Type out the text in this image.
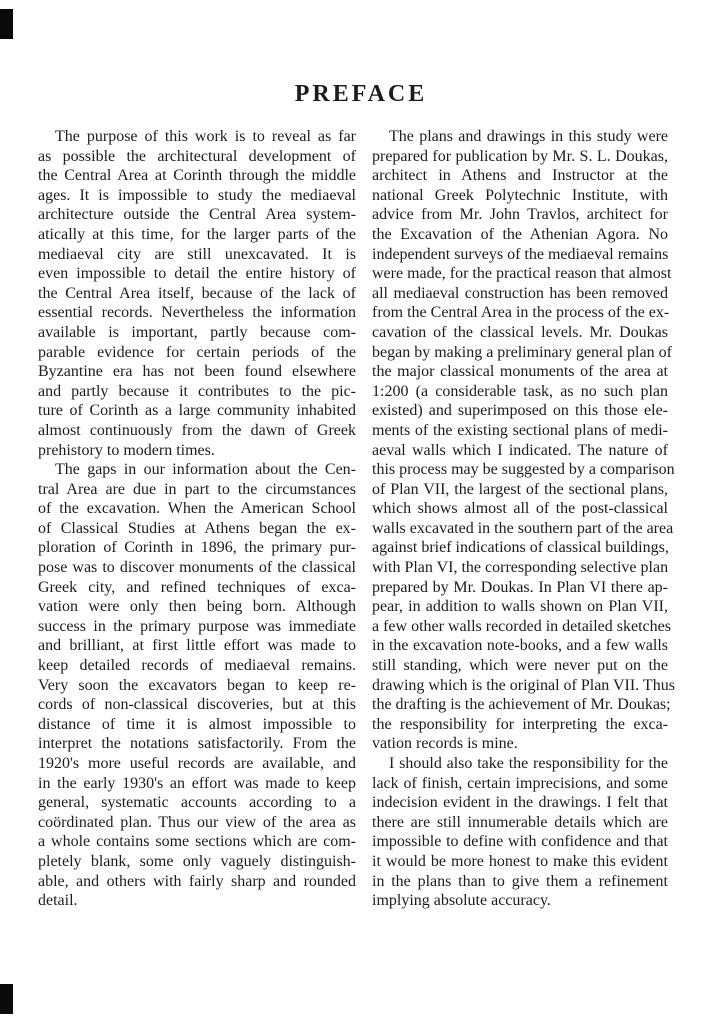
PREFACE
The purpose of this work is to reveal as far
as possible the architectural development of
the Central Area at Corinth through the middle
ages. It is impossible to study the mediaeval
architecture outside the Central Area system-
atically at this time, for the larger parts of the
mediaeval city are still unexcavated. It is
even impossible to detail the entire history of
the Central Area itself, because of the lack of
essential records. Nevertheless the information
available is important, partly because com-
parable evidence for certain periods of the
Byzantine era has not been found elsewhere
and partly because it contributes to the pic-
ture of Corinth as a large community inhabited
almost continuously from the dawn of Greek
prehistory to modern times.
The gaps in our information about the Cen-
tral Area are due in part to the circumstances
of the excavation. When the American School
of Classical Studies at Athens began the ex-
ploration of Corinth in 1896, the primary pur-
pose was to discover monuments of the classical
Greek city, and refined techniques of exca-
vation were only then being born. Although
success in the primary purpose was immediate
and brilliant, at first little effort was made to
keep detailed records of mediaeval remains.
Very soon the excavators began to keep re-
cords of non-classical discoveries, but at this
distance of time it is almost impossible to
interpret the notations satisfactorily. From the
1920's more useful records are available, and
in the early 1930's an effort was made to keep
general, systematic accounts according to a
coördinated plan. Thus our view of the area as
a whole contains some sections which are com-
pletely blank, some only vaguely distinguish-
able, and others with fairly sharp and rounded
detail.
The plans and drawings in this study were
prepared for publication by Mr. S. L. Doukas,
architect in Athens and Instructor at the
national Greek Polytechnic Institute, with
advice from Mr. John Travlos, architect for
the Excavation of the Athenian Agora. No
independent surveys of the mediaeval remains
were made, for the practical reason that almost
all mediaeval construction has been removed
from the Central Area in the process of the ex-
cavation of the classical levels. Mr. Doukas
began by making a preliminary general plan of
the major classical monuments of the area at
1:200 (a considerable task, as no such plan
existed) and superimposed on this those ele-
ments of the existing sectional plans of medi-
aeval walls which I indicated. The nature of
this process may be suggested by a comparison
of Plan VII, the largest of the sectional plans,
which shows almost all of the post-classical
walls excavated in the southern part of the area
against brief indications of classical buildings,
with Plan VI, the corresponding selective plan
prepared by Mr. Doukas. In Plan VI there ap-
pear, in addition to walls shown on Plan VII,
a few other walls recorded in detailed sketches
in the excavation note-books, and a few walls
still standing, which were never put on the
drawing which is the original of Plan VII. Thus
the drafting is the achievement of Mr. Doukas;
the responsibility for interpreting the exca-
vation records is mine.
I should also take the responsibility for the
lack of finish, certain imprecisions, and some
indecision evident in the drawings. I felt that
there are still innumerable details which are
impossible to define with confidence and that
it would be more honest to make this evident
in the plans than to give them a refinement
implying absolute accuracy.
